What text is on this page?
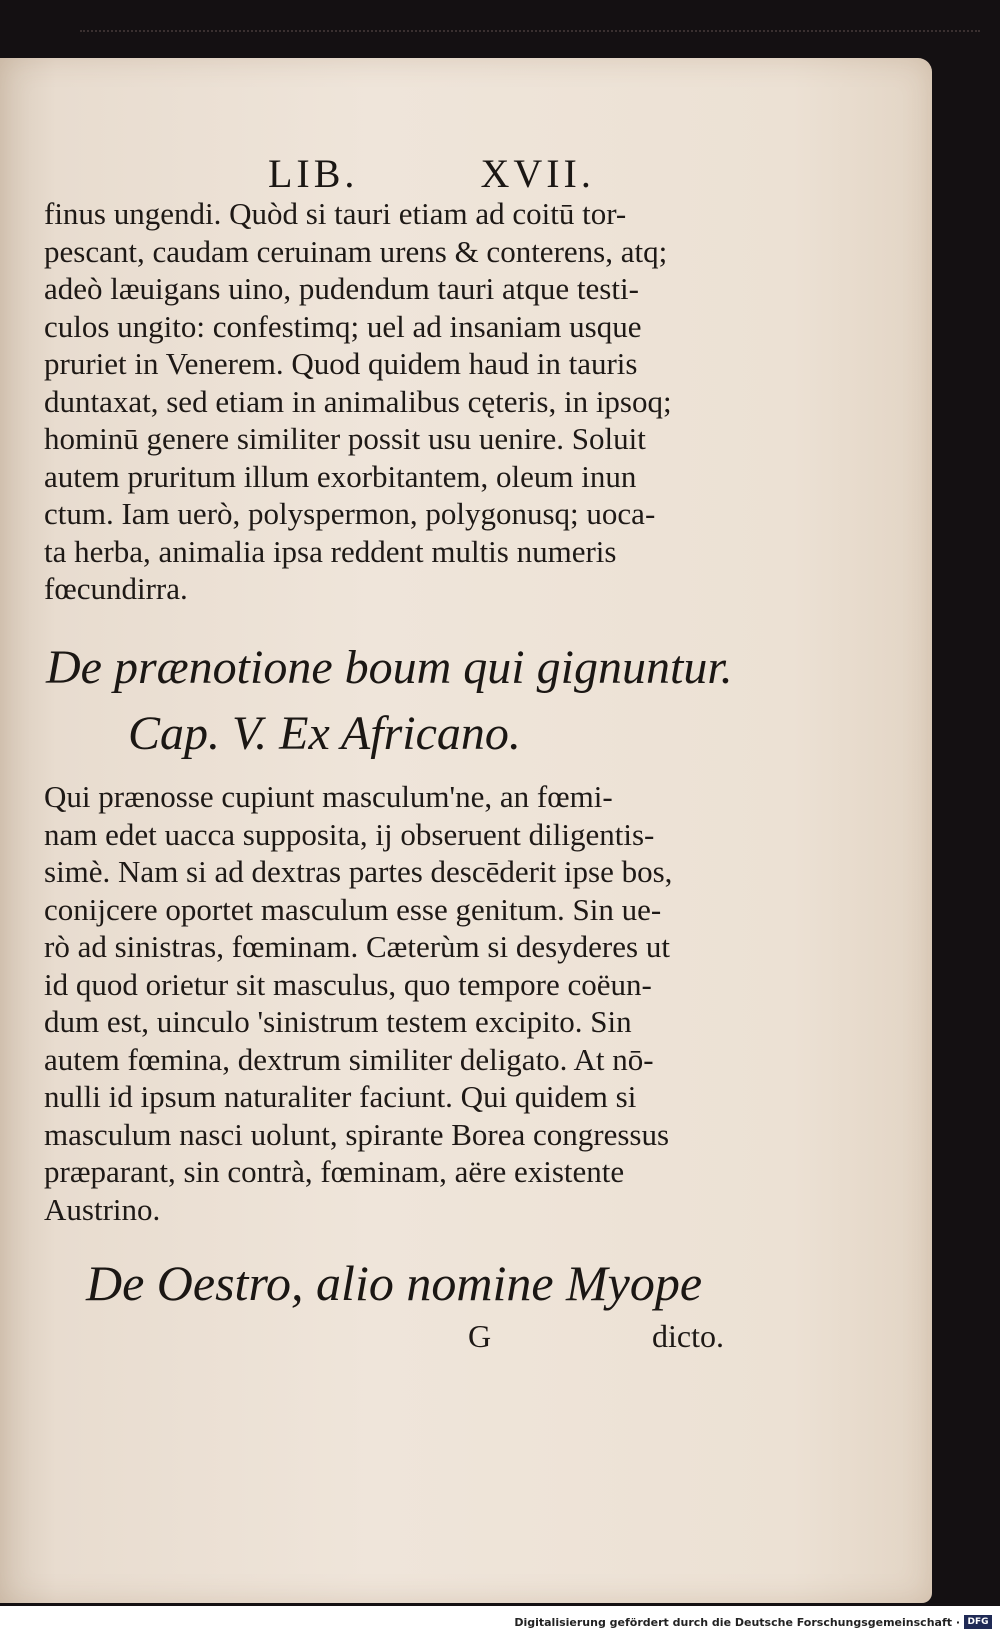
LIB.	XVII.
finus ungendi. Quòd si tauri etiam ad coitū tor-
pescant, caudam ceruinam urens & conterens, atq;
adeò læuigans uino, pudendum tauri atque testi-
culos ungito: confestimq; uel ad insaniam usque
pruriet in Venerem. Quod quidem haud in tauris
duntaxat, sed etiam in animalibus cęteris, in ipsoq;
hominū genere similiter possit usu uenire. Soluit
autem pruritum illum exorbitantem, oleum inun
ctum. Iam uerò, polyspermon, polygonusq; uoca-
ta herba, animalia ipsa reddent multis numeris
fœcundirra.
De prænotione boum qui gignuntur.
Cap. V. Ex Africano.
Qui prænosse cupiunt masculum'ne, an fœmi-
nam edet uacca supposita, ij obseruent diligentis-
simè. Nam si ad dextras partes descēderit ipse bos,
conijcere oportet masculum esse genitum. Sin ue-
rò ad sinistras, fœminam. Cæterùm si desyderes ut
id quod orietur sit masculus, quo tempore coëun-
dum est, uinculo 'sinistrum testem excipito. Sin
autem fœmina, dextrum similiter deligato. At nō-
nulli id ipsum naturaliter faciunt. Qui quidem si
masculum nasci uolunt, spirante Borea congressus
præparant, sin contrà, fœminam, aëre existente
Austrino.
De Oestro, alio nomine Myope
G	dicto.
Digitalisierung gefördert durch die Deutsche Forschungsgemeinschaft · DFG
